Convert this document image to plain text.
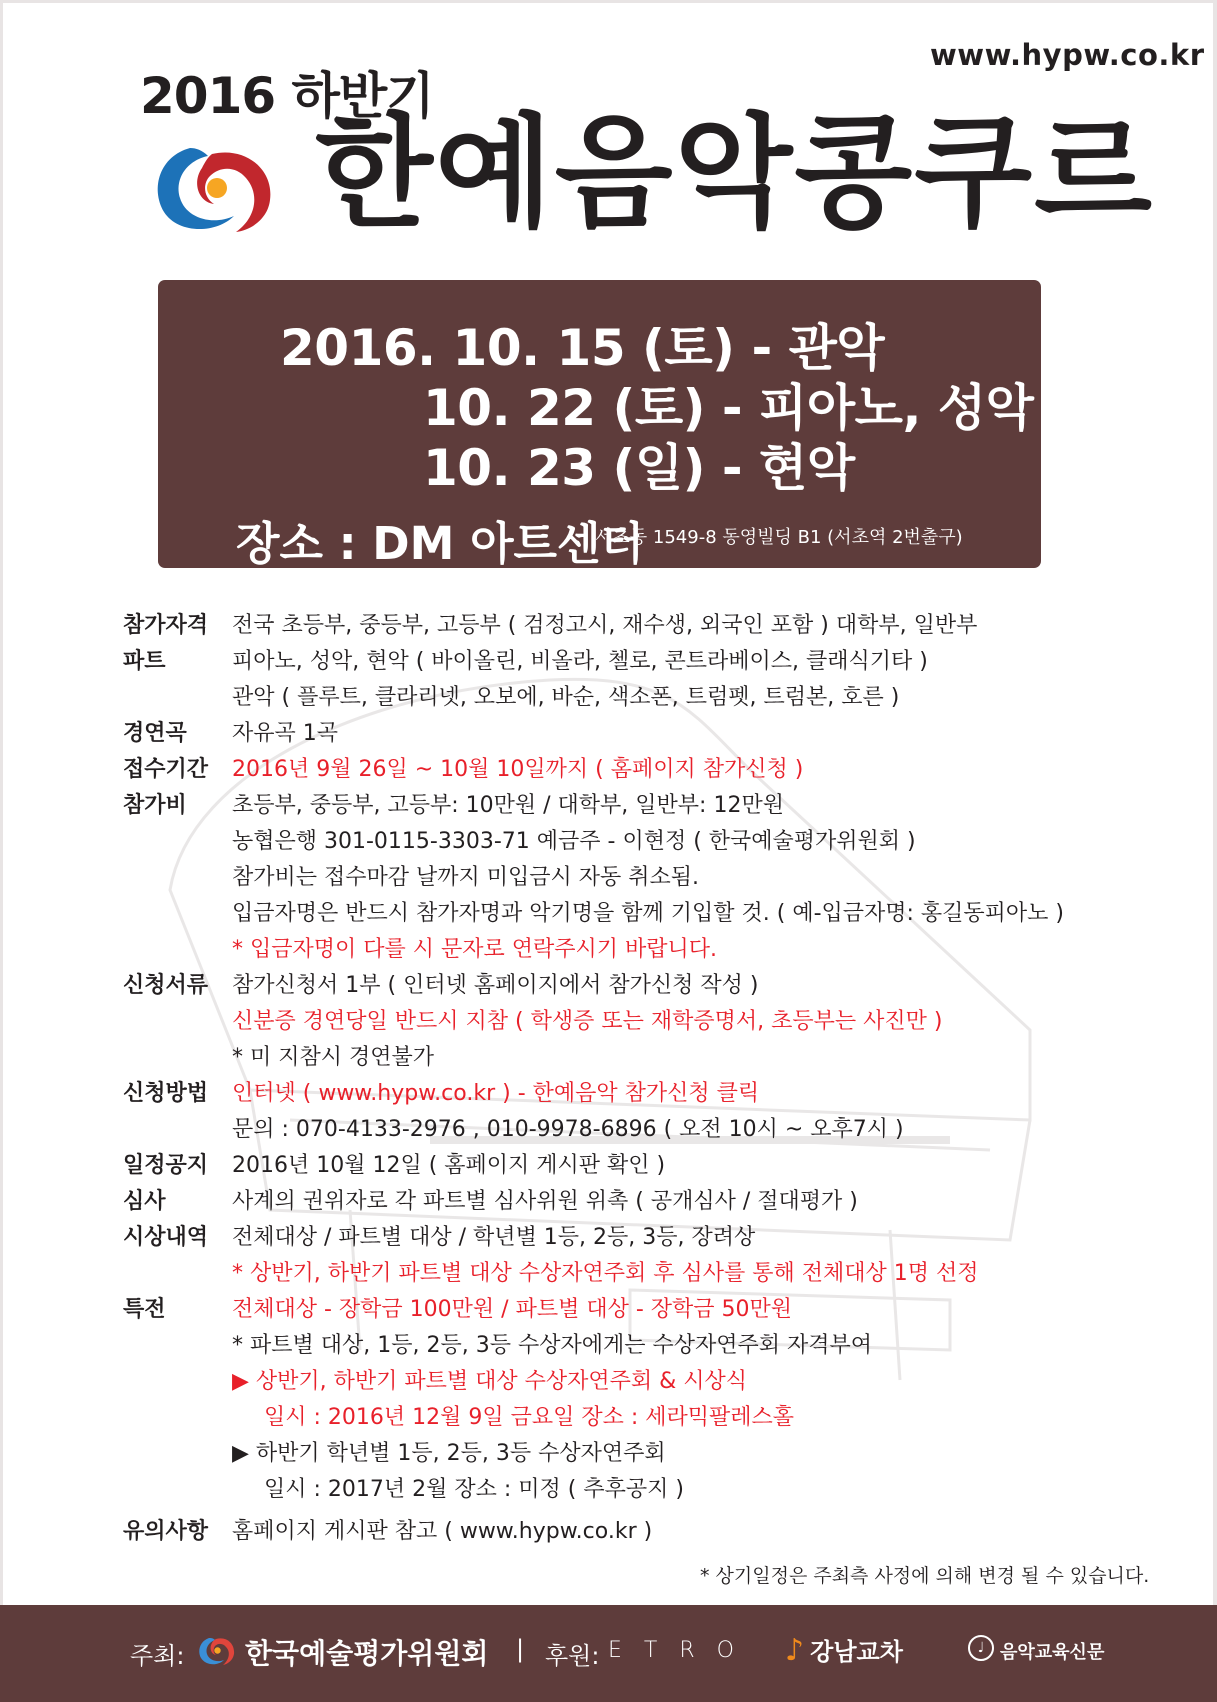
www.hypw.co.kr
2016 하반기
한예음악콩쿠르
2016. 10. 15 (토) - 관악
10. 22 (토) - 피아노, 성악
10. 23 (일) - 현악
장소 : DM 아트센터
서초동 1549-8 동영빌딩 B1 (서초역 2번출구)
참가자격 전국 초등부, 중등부, 고등부 ( 검정고시, 재수생, 외국인 포함 ) 대학부, 일반부
파트	피아노, 성악, 현악 ( 바이올린, 비올라, 첼로, 콘트라베이스, 클래식기타 )
관악 ( 플루트, 클라리넷, 오보에, 바순, 색소폰, 트럼펫, 트럼본, 호른 )
경연곡	자유곡 1곡
접수기간 2016년 9월 26일 ~ 10월 10일까지 ( 홈페이지 참가신청 )
참가비	초등부, 중등부, 고등부: 10만원 / 대학부, 일반부: 12만원
농협은행 301-0115-3303-71 예금주 - 이현정 ( 한국예술평가위원회 )
참가비는 접수마감 날까지 미입금시 자동 취소됨.
입금자명은 반드시 참가자명과 악기명을 함께 기입할 것. ( 예-입금자명: 홍길동피아노 )
* 입금자명이 다를 시 문자로 연락주시기 바랍니다.
신청서류 참가신청서 1부 ( 인터넷 홈페이지에서 참가신청 작성 )
신분증 경연당일 반드시 지참 ( 학생증 또는 재학증명서, 초등부는 사진만 )
* 미 지참시 경연불가
신청방법 인터넷 ( www.hypw.co.kr ) - 한예음악 참가신청 클릭
문의 : 070-4133-2976 , 010-9978-6896 ( 오전 10시 ~ 오후7시 )
일정공지 2016년 10월 12일 ( 홈페이지 게시판 확인 )
심사	사계의 권위자로 각 파트별 심사위원 위촉 ( 공개심사 / 절대평가 )
시상내역 전체대상 / 파트별 대상 / 학년별 1등, 2등, 3등, 장려상
* 상반기, 하반기 파트별 대상 수상자연주회 후 심사를 통해 전체대상 1명 선정
특전	전체대상 - 장학금 100만원 / 파트별 대상 - 장학금 50만원
* 파트별 대상, 1등, 2등, 3등 수상자에게는 수상자연주회 자격부여
▶ 상반기, 하반기 파트별 대상 수상자연주회 & 시상식
일시 : 2016년 12월 9일 금요일 장소 : 세라믹팔레스홀
▶ 하반기 학년별 1등, 2등, 3등 수상자연주회
일시 : 2017년 2월 장소 : 미정 ( 추후공지 )
유의사항 홈페이지 게시판 참고 ( www.hypw.co.kr )
* 상기일정은 주최측 사정에 의해 변경 될 수 있습니다.
주최: 한국예술평가위원회 | 후원: ETRO ♪ 강남교차	♩ 음악교육신문
